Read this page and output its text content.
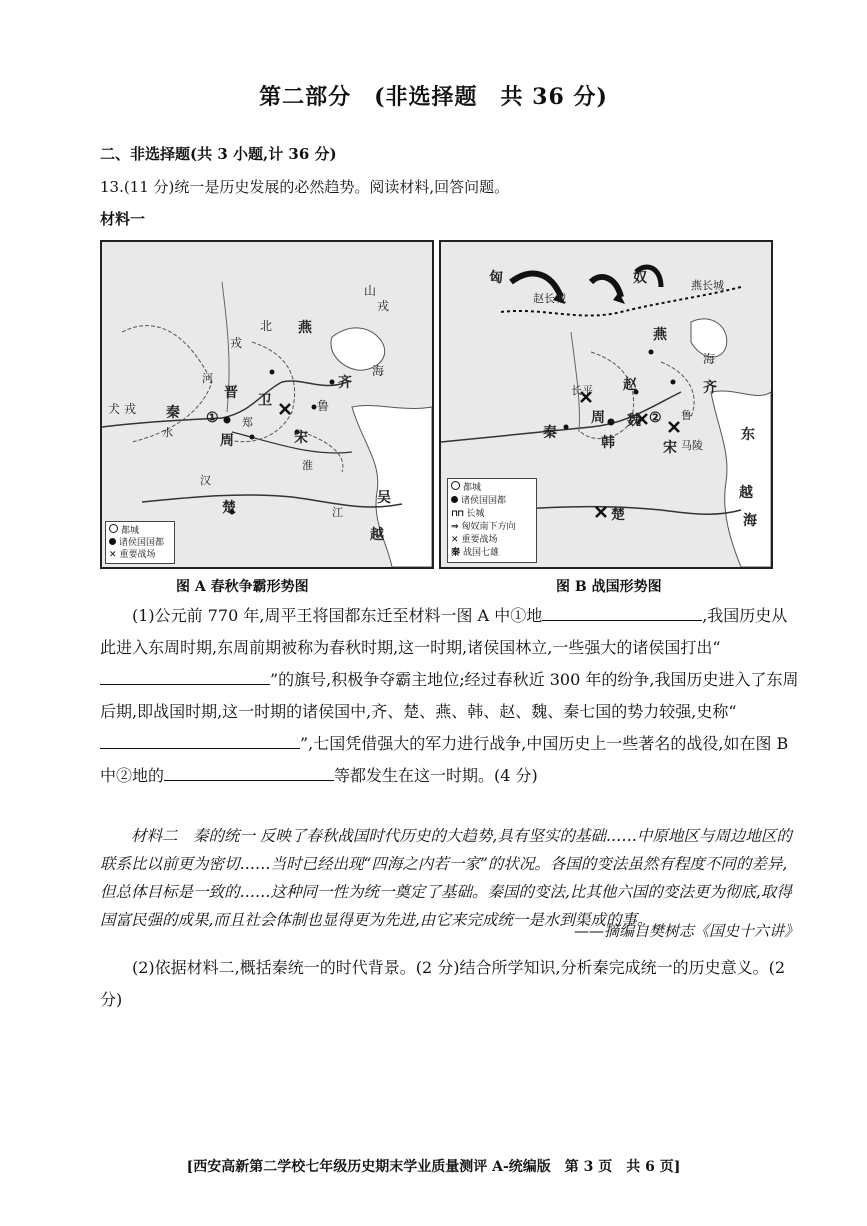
第二部分　(非选择题　共 36 分)
二、非选择题(共 3 小题,计 36 分)
13.(11 分)统一是历史发展的必然趋势。阅读材料,回答问题。
材料一
山
戎
北
戎
燕
海
晋 卫
齐
鲁
秦
犬 戎
周
郑
宋
楚
吴
越
河
淮
江
水
汉
①
都城
诸侯国国都
✕ 重要战场
匈	奴
赵长城
燕长城
燕
海
赵	齐
韩
魏
周
秦
宋
楚
越
鲁
东
海
长平
马陵
②
都城
诸侯国国都
⊓⊓ 长城
⇒ 匈奴南下方向
✕ 重要战场
秦 战国七雄
图 A 春秋争霸形势图	图 B 战国形势图
(1)公元前 770 年,周平王将国都东迁至材料一图 A 中①地	,我国历史从此进入东周时期,东周前期被称为春秋时期,这一时期,诸侯国林立,一些强大的诸侯国打出“”的旗号,积极争夺霸主地位;经过春秋近 300 年的纷争,我国历史进入了东周后期,即战国时期,这一时期的诸侯国中,齐、楚、燕、韩、赵、魏、秦七国的势力较强,史称“”,七国凭借强大的军力进行战争,中国历史上一些著名的战役,如在图 B 中②地的	等都发生在这一时期。(4 分)
材料二　秦的统一 反映了春秋战国时代历史的大趋势,具有坚实的基础……中原地区与周边地区的联系比以前更为密切……当时已经出现“四海之内若一家”的状况。各国的变法虽然有程度不同的差异,但总体目标是一致的……这种同一性为统一奠定了基础。秦国的变法,比其他六国的变法更为彻底,取得国富民强的成果,而且社会体制也显得更为先进,由它来完成统一是水到渠成的事。
——摘编自樊树志《国史十六讲》
(2)依据材料二,概括秦统一的时代背景。(2 分)结合所学知识,分析秦完成统一的历史意义。(2 分)
[西安高新第二学校七年级历史期末学业质量测评 A-统编版　第 3 页　共 6 页]
